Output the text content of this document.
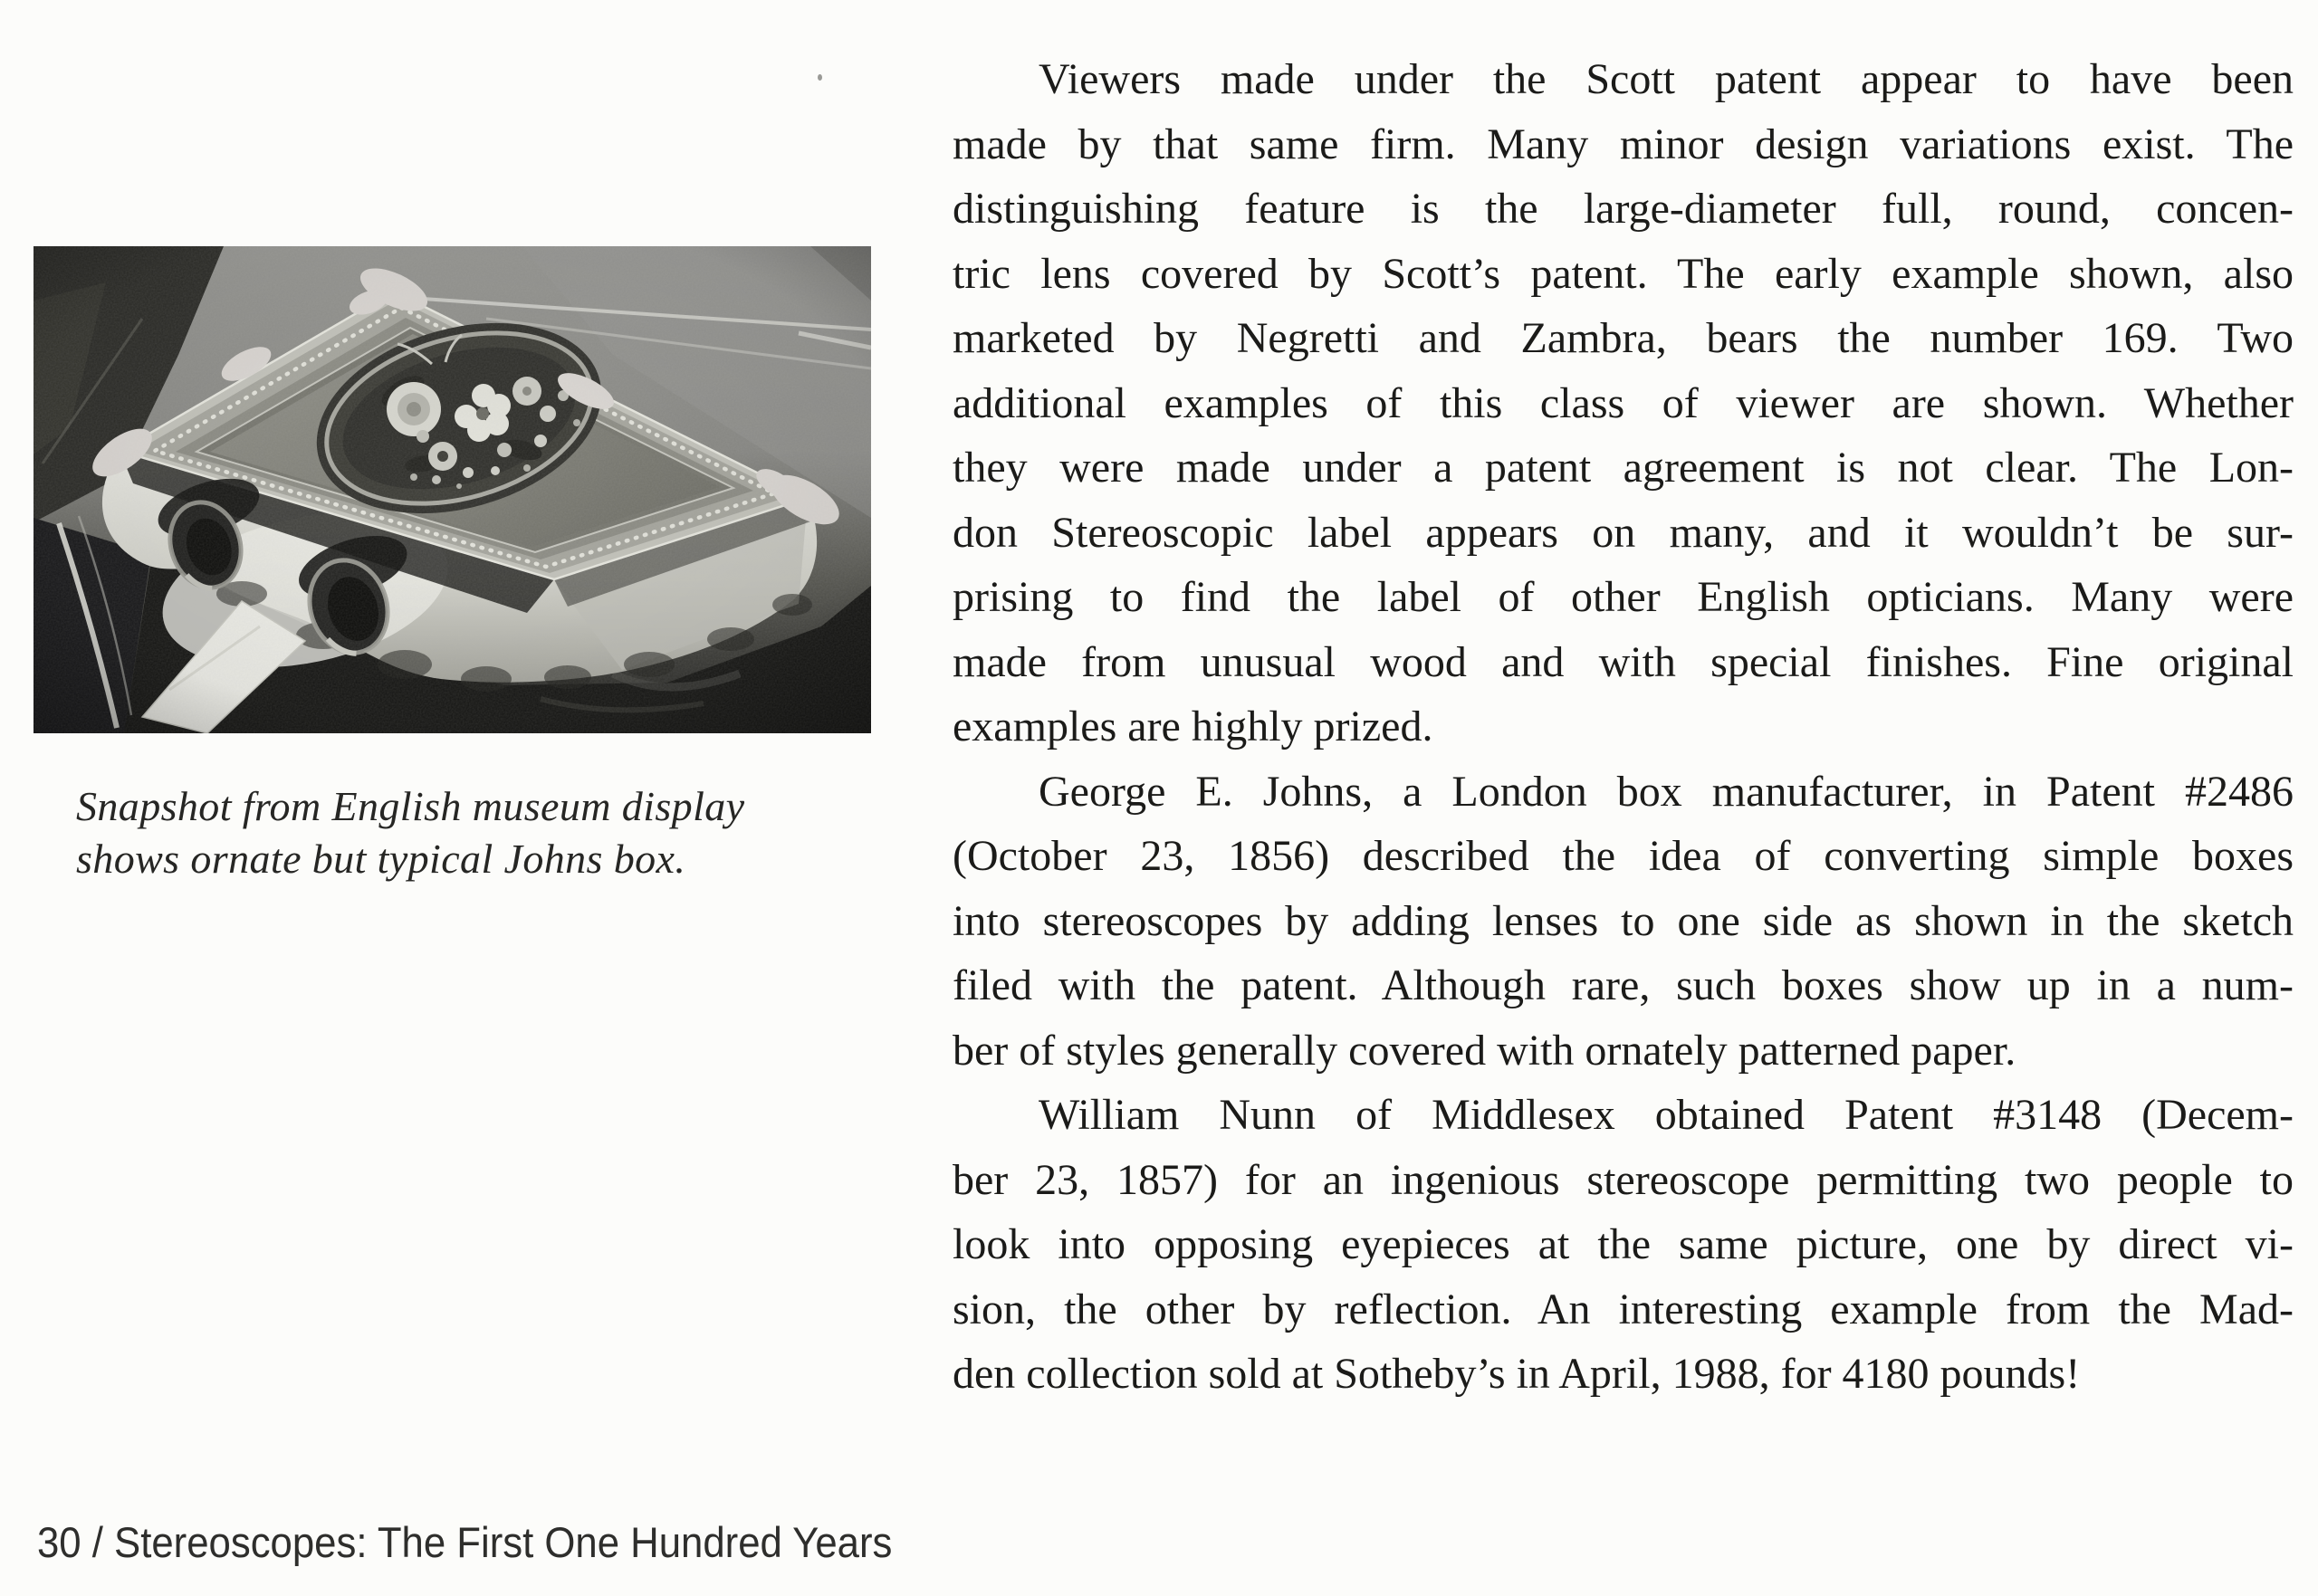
Snapshot from English museum display
shows ornate but typical Johns box.
Viewers made under the Scott patent appear to have been
made by that same firm. Many minor design variations exist. The
distinguishing feature is the large-diameter full, round, concen-
tric lens covered by Scott’s patent. The early example shown, also
marketed by Negretti and Zambra, bears the number 169. Two
additional examples of this class of viewer are shown. Whether
they were made under a patent agreement is not clear. The Lon-
don Stereoscopic label appears on many, and it wouldn’t be sur-
prising to find the label of other English opticians. Many were
made from unusual wood and with special finishes. Fine original
examples are highly prized.
George E. Johns, a London box manufacturer, in Patent #2486
(October 23, 1856) described the idea of converting simple boxes
into stereoscopes by adding lenses to one side as shown in the sketch
filed with the patent. Although rare, such boxes show up in a num-
ber of styles generally covered with ornately patterned paper.
William Nunn of Middlesex obtained Patent #3148 (Decem-
ber 23, 1857) for an ingenious stereoscope permitting two people to
look into opposing eyepieces at the same picture, one by direct vi-
sion, the other by reflection. An interesting example from the Mad-
den collection sold at Sotheby’s in April, 1988, for 4180 pounds!
30 / Stereoscopes: The First One Hundred Years
